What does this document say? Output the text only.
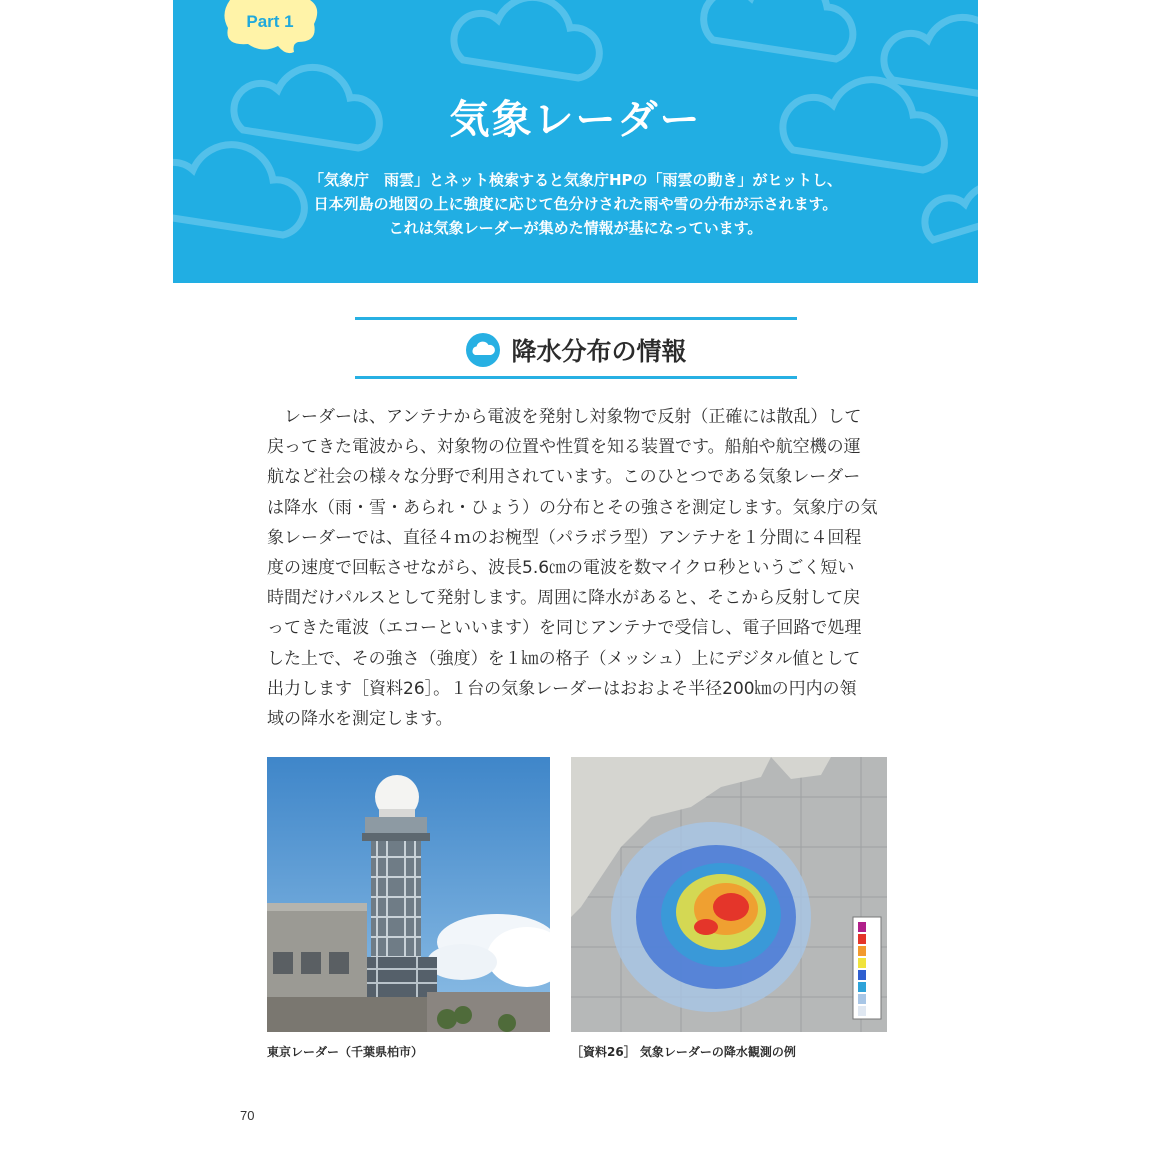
気象レーダー
「気象庁　雨雲」とネット検索すると気象庁HPの「雨雲の動き」がヒットし、
日本列島の地図の上に強度に応じて色分けされた雨や雪の分布が示されます。
これは気象レーダーが集めた情報が基になっています。
Part 1
降水分布の情報
レーダーは、アンテナから電波を発射し対象物で反射（正確には散乱）して
戻ってきた電波から、対象物の位置や性質を知る装置です。船舶や航空機の運
航など社会の様々な分野で利用されています。このひとつである気象レーダー
は降水（雨・雪・あられ・ひょう）の分布とその強さを測定します。気象庁の気
象レーダーでは、直径４ｍのお椀型（パラボラ型）アンテナを１分間に４回程
度の速度で回転させながら、波長5.6㎝の電波を数マイクロ秒というごく短い
時間だけパルスとして発射します。周囲に降水があると、そこから反射して戻
ってきた電波（エコーといいます）を同じアンテナで受信し、電子回路で処理
した上で、その強さ（強度）を１㎞の格子（メッシュ）上にデジタル値として
出力します［資料26］。１台の気象レーダーはおおよそ半径200㎞の円内の領
域の降水を測定します。
東京レーダー（千葉県柏市）	［資料26］ 気象レーダーの降水観測の例
70
